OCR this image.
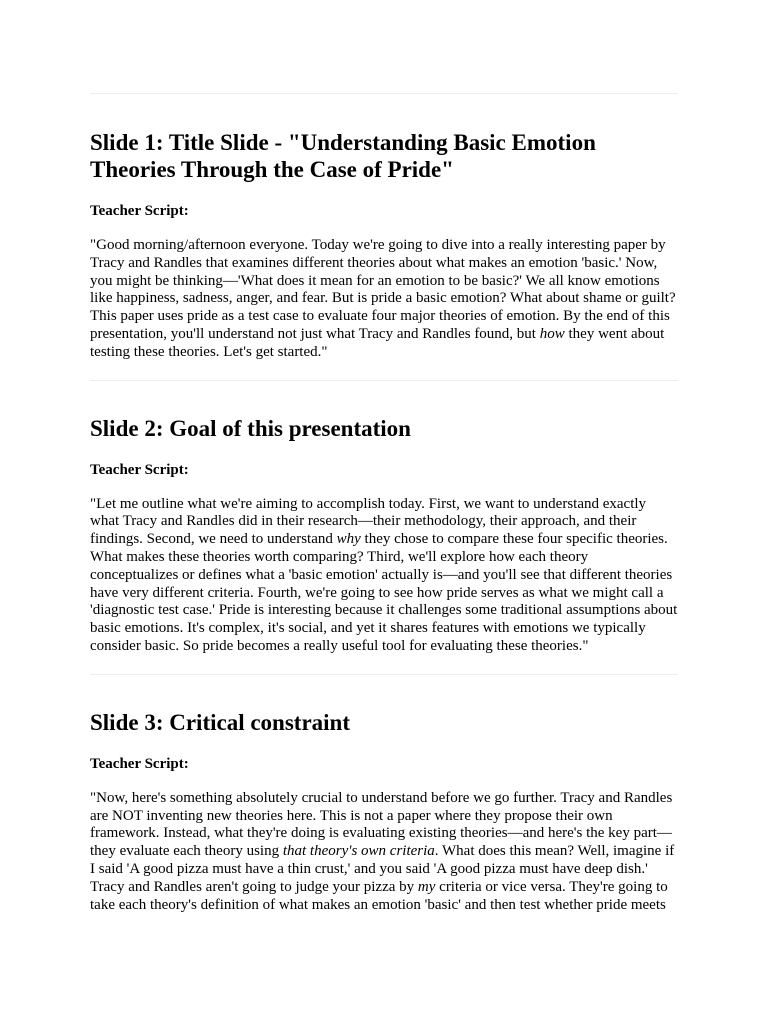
Slide 1: Title Slide - "Understanding Basic Emotion Theories Through the Case of Pride"

Teacher Script:

"Good morning/afternoon everyone. Today we're going to dive into a really interesting paper by Tracy and Randles that examines different theories about what makes an emotion 'basic.' Now, you might be thinking—'What does it mean for an emotion to be basic?' We all know emotions like happiness, sadness, anger, and fear. But is pride a basic emotion? What about shame or guilt? This paper uses pride as a test case to evaluate four major theories of emotion. By the end of this presentation, you'll understand not just what Tracy and Randles found, but how they went about testing these theories. Let's get started."

Slide 2: Goal of this presentation

Teacher Script:

"Let me outline what we're aiming to accomplish today. First, we want to understand exactly what Tracy and Randles did in their research—their methodology, their approach, and their findings. Second, we need to understand why they chose to compare these four specific theories. What makes these theories worth comparing? Third, we'll explore how each theory conceptualizes or defines what a 'basic emotion' actually is—and you'll see that different theories have very different criteria. Fourth, we're going to see how pride serves as what we might call a 'diagnostic test case.' Pride is interesting because it challenges some traditional assumptions about basic emotions. It's complex, it's social, and yet it shares features with emotions we typically consider basic. So pride becomes a really useful tool for evaluating these theories."

Slide 3: Critical constraint

Teacher Script:

"Now, here's something absolutely crucial to understand before we go further. Tracy and Randles are NOT inventing new theories here. This is not a paper where they propose their own framework. Instead, what they're doing is evaluating existing theories—and here's the key part—they evaluate each theory using that theory's own criteria. What does this mean? Well, imagine if I said 'A good pizza must have a thin crust,' and you said 'A good pizza must have deep dish.' Tracy and Randles aren't going to judge your pizza by my criteria or vice versa. They're going to take each theory's definition of what makes an emotion 'basic' and then test whether pride meets
